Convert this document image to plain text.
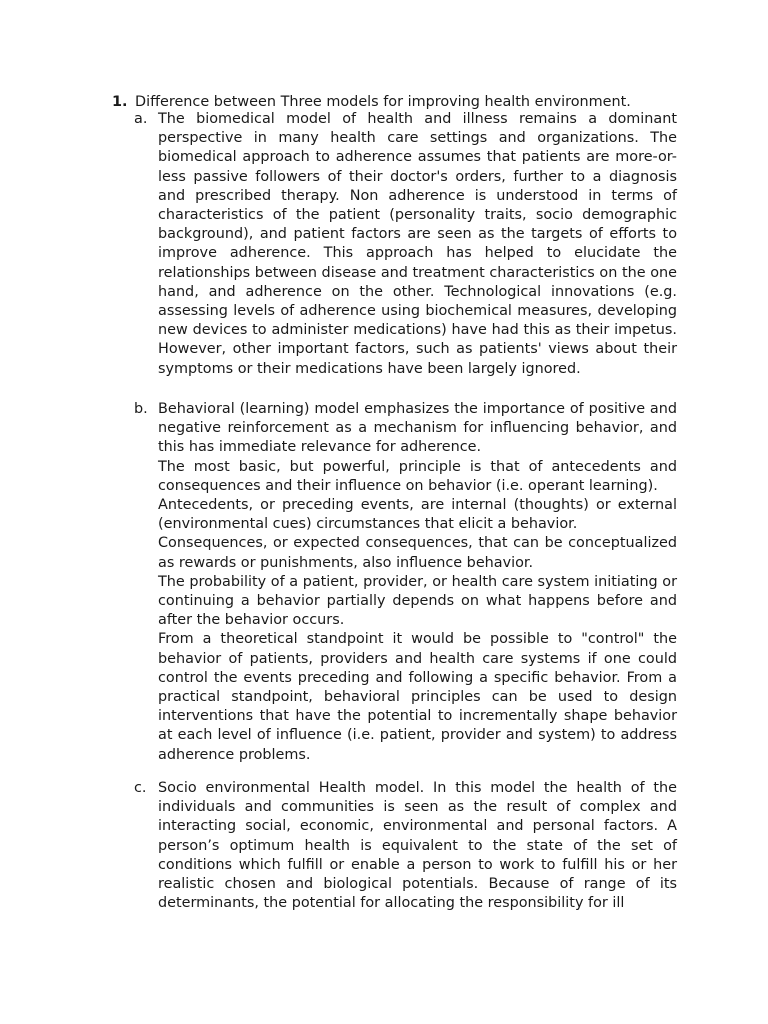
1. Difference between Three models for improving health environment.
a. The biomedical model of health and illness remains a dominant perspective in many health care settings and organizations. The biomedical approach to adherence assumes that patients are more-or-less passive followers of their doctor's orders, further to a diagnosis and prescribed therapy. Non adherence is understood in terms of characteristics of the patient (personality traits, socio demographic background), and patient factors are seen as the targets of efforts to improve adherence. This approach has helped to elucidate the relationships between disease and treatment characteristics on the one hand, and adherence on the other. Technological innovations (e.g. assessing levels of adherence using biochemical measures, developing new devices to administer medications) have had this as their impetus. However, other important factors, such as patients' views about their symptoms or their medications have been largely ignored.

b. Behavioral (learning) model emphasizes the importance of positive and negative reinforcement as a mechanism for influencing behavior, and this has immediate relevance for adherence.

The most basic, but powerful, principle is that of antecedents and consequences and their influence on behavior (i.e. operant learning).

Antecedents, or preceding events, are internal (thoughts) or external (environmental cues) circumstances that elicit a behavior.

Consequences, or expected consequences, that can be conceptualized as rewards or punishments, also influence behavior.

The probability of a patient, provider, or health care system initiating or continuing a behavior partially depends on what happens before and after the behavior occurs.

From a theoretical standpoint it would be possible to "control" the behavior of patients, providers and health care systems if one could control the events preceding and following a specific behavior. From a practical standpoint, behavioral principles can be used to design interventions that have the potential to incrementally shape behavior at each level of influence (i.e. patient, provider and system) to address adherence problems.

c. Socio environmental Health model. In this model the health of the individuals and communities is seen as the result of complex and interacting social, economic, environmental and personal factors. A person’s optimum health is equivalent to the state of the set of conditions which fulfill or enable a person to work to fulfill his or her realistic chosen and biological potentials. Because of range of its determinants, the potential for allocating the responsibility for ill
